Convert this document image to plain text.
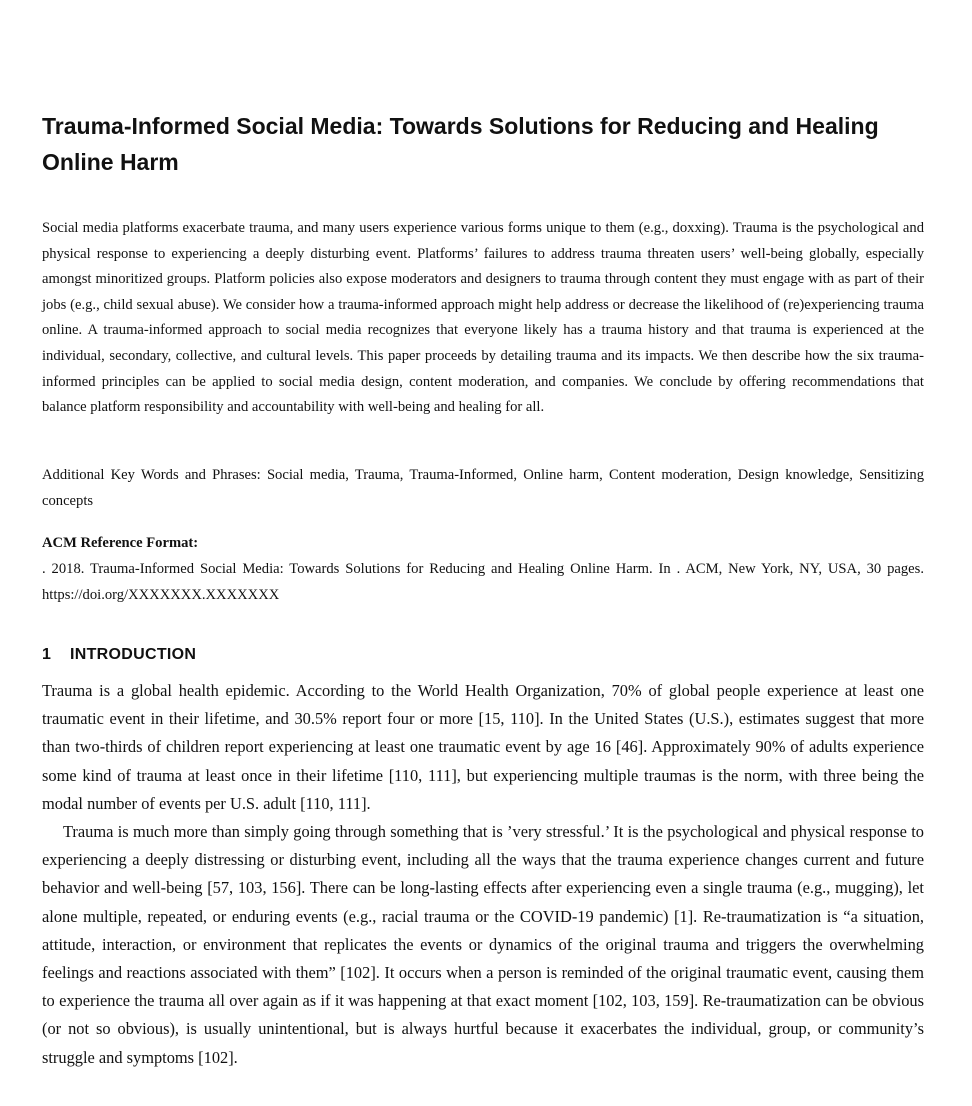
Trauma-Informed Social Media: Towards Solutions for Reducing and Healing Online Harm

Social media platforms exacerbate trauma, and many users experience various forms unique to them (e.g., doxxing). Trauma is the psychological and physical response to experiencing a deeply disturbing event. Platforms’ failures to address trauma threaten users’ well-being globally, especially amongst minoritized groups. Platform policies also expose moderators and designers to trauma through content they must engage with as part of their jobs (e.g., child sexual abuse). We consider how a trauma-informed approach might help address or decrease the likelihood of (re)experiencing trauma online. A trauma-informed approach to social media recognizes that everyone likely has a trauma history and that trauma is experienced at the individual, secondary, collective, and cultural levels. This paper proceeds by detailing trauma and its impacts. We then describe how the six trauma-informed principles can be applied to social media design, content moderation, and companies. We conclude by offering recommendations that balance platform responsibility and accountability with well-being and healing for all.

Additional Key Words and Phrases: Social media, Trauma, Trauma-Informed, Online harm, Content moderation, Design knowledge, Sensitizing concepts

ACM Reference Format:

. 2018. Trauma-Informed Social Media: Towards Solutions for Reducing and Healing Online Harm. In . ACM, New York, NY, USA, 30 pages. https://doi.org/XXXXXXX.XXXXXXX

1 INTRODUCTION

Trauma is a global health epidemic. According to the World Health Organization, 70% of global people experience at least one traumatic event in their lifetime, and 30.5% report four or more [15, 110]. In the United States (U.S.), estimates suggest that more than two-thirds of children report experiencing at least one traumatic event by age 16 [46]. Approximately 90% of adults experience some kind of trauma at least once in their lifetime [110, 111], but experiencing multiple traumas is the norm, with three being the modal number of events per U.S. adult [110, 111].

Trauma is much more than simply going through something that is ’very stressful.’ It is the psychological and physical response to experiencing a deeply distressing or disturbing event, including all the ways that the trauma experience changes current and future behavior and well-being [57, 103, 156]. There can be long-lasting effects after experiencing even a single trauma (e.g., mugging), let alone multiple, repeated, or enduring events (e.g., racial trauma or the COVID-19 pandemic) [1]. Re-traumatization is “a situation, attitude, interaction, or environment that replicates the events or dynamics of the original trauma and triggers the overwhelming feelings and reactions associated with them” [102]. It occurs when a person is reminded of the original traumatic event, causing them to experience the trauma all over again as if it was happening at that exact moment [102, 103, 159]. Re-traumatization can be obvious (or not so obvious), is usually unintentional, but is always hurtful because it exacerbates the individual, group, or community’s struggle and symptoms [102].
